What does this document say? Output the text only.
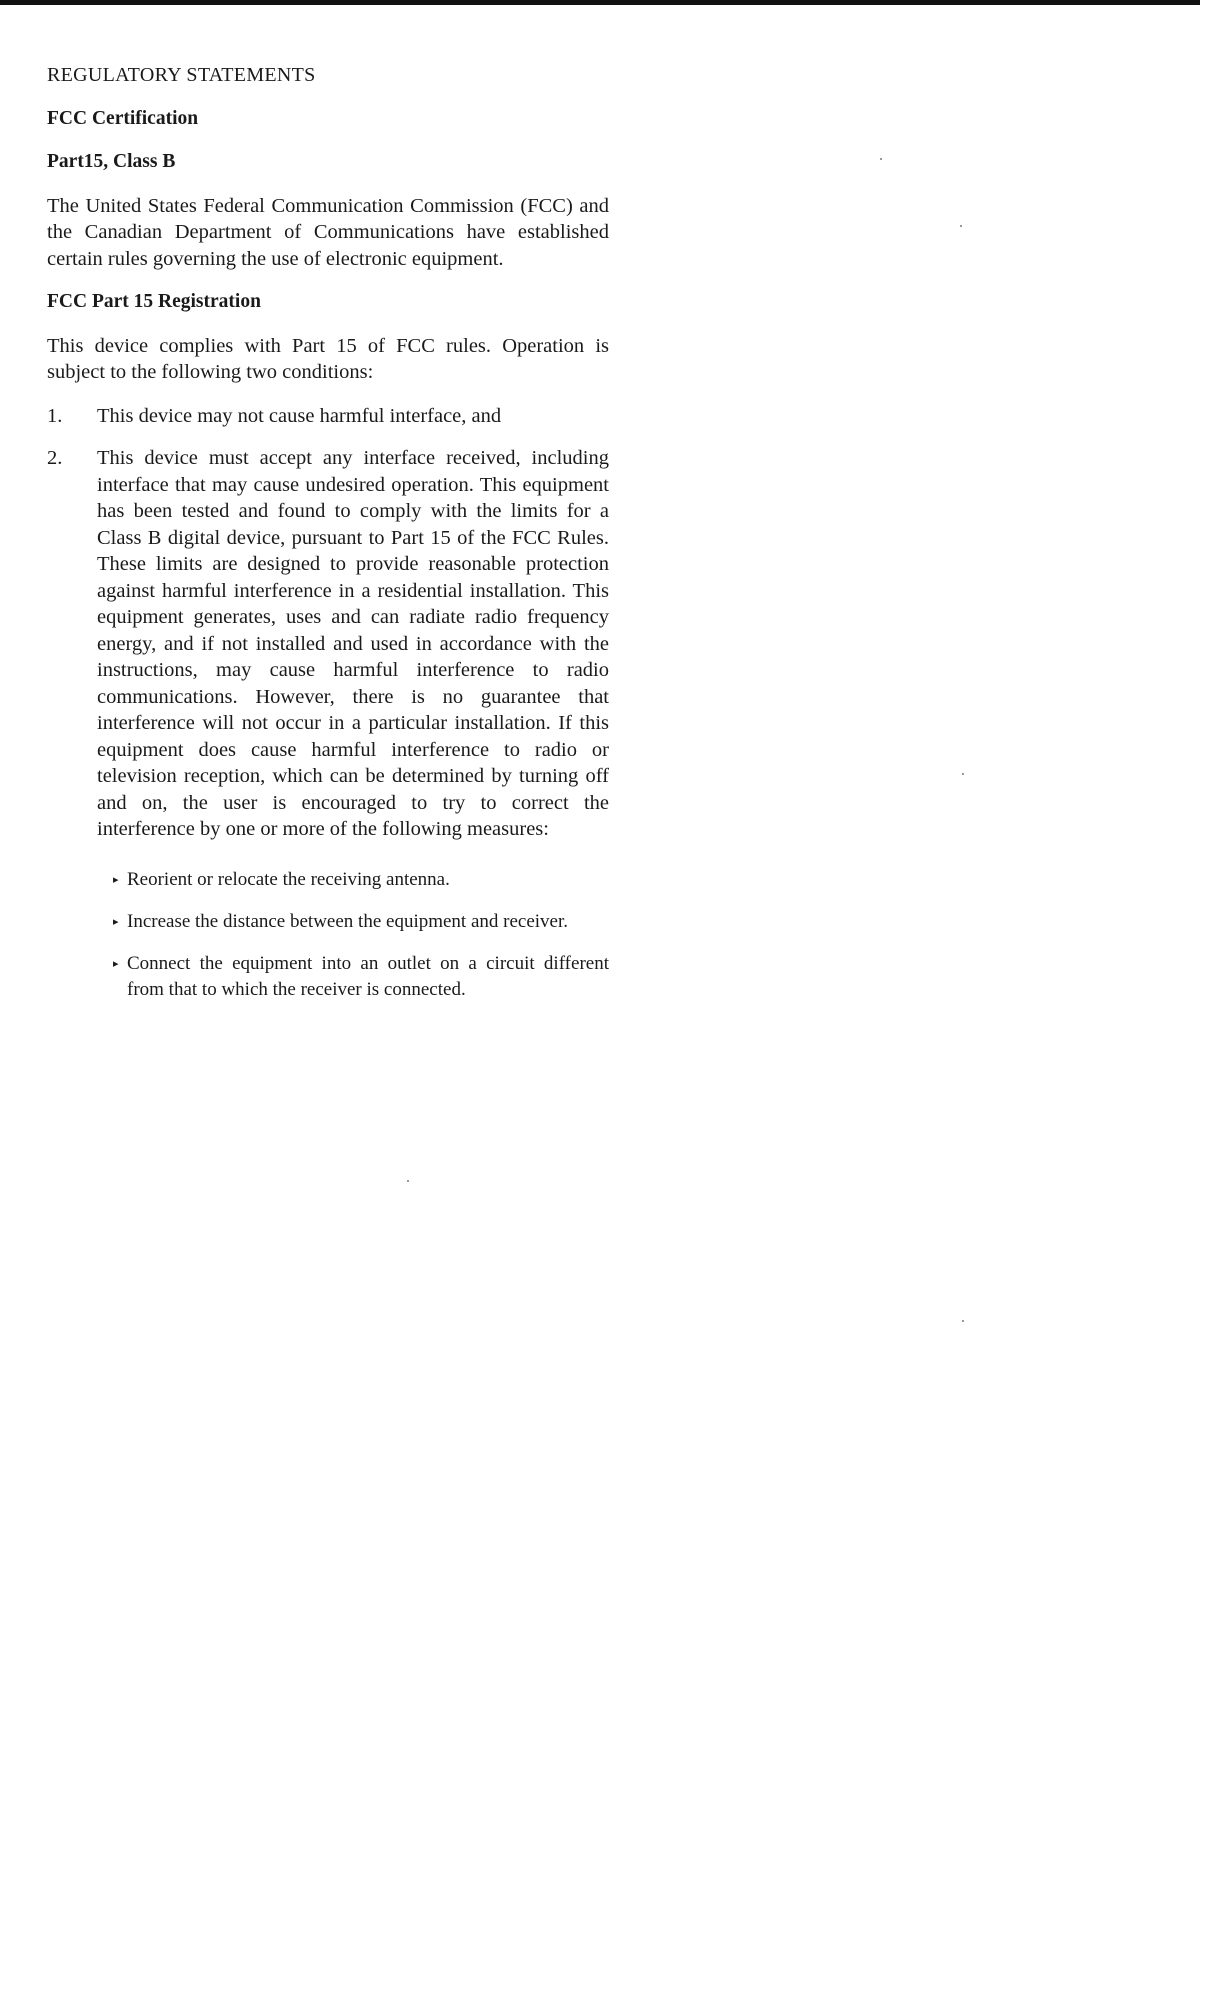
REGULATORY STATEMENTS
FCC Certification
Part15, Class B

The United States Federal Communication Commission (FCC) and the Canadian Department of Communications have established certain rules governing the use of electronic equipment.

FCC Part 15 Registration

This device complies with Part 15 of FCC rules. Operation is subject to the following two conditions:

1.	This device may not cause harmful interface, and
2.	This device must accept any interface received, including interface that may cause undesired operation. This equipment has been tested and found to comply with the limits for a Class B digital device, pursuant to Part 15 of the FCC Rules. These limits are designed to provide reasonable protection against harmful interference in a residential installation. This equipment generates, uses and can radiate radio frequency energy, and if not installed and used in accordance with the instructions, may cause harmful interference to radio communications. However, there is no guarantee that interference will not occur in a particular installation. If this equipment does cause harmful interference to radio or television reception, which can be determined by turning off and on, the user is encouraged to try to correct the interference by one or more of the following measures:
▸ Reorient or relocate the receiving antenna.
▸ Increase the distance between the equipment and receiver.
▸ Connect the equipment into an outlet on a circuit different from that to which the receiver is connected.
